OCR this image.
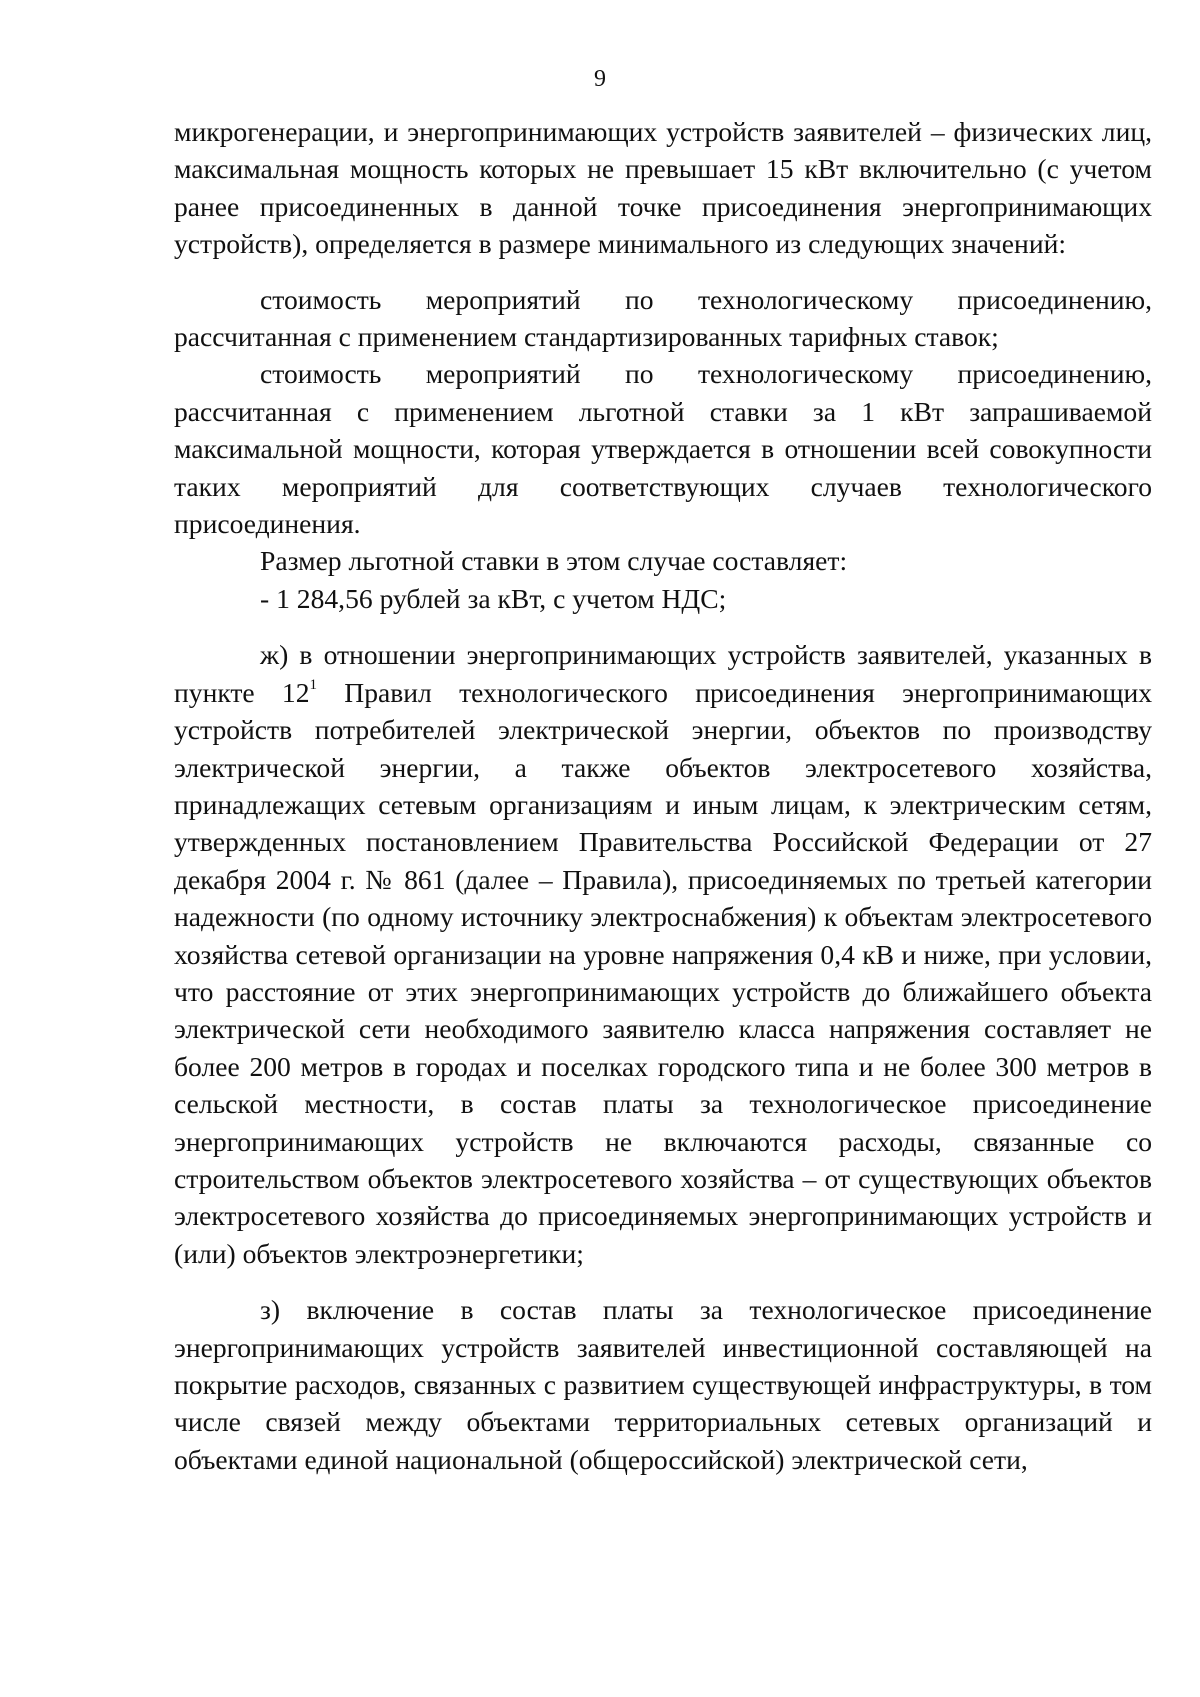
9

микрогенерации, и энергопринимающих устройств заявителей – физических лиц, максимальная мощность которых не превышает 15 кВт включительно (с учетом ранее присоединенных в данной точке присоединения энергопринимающих устройств), определяется в размере минимального из следующих значений:

стоимость мероприятий по технологическому присоединению, рассчитанная с применением стандартизированных тарифных ставок;

стоимость мероприятий по технологическому присоединению, рассчитанная с применением льготной ставки за 1 кВт запрашиваемой максимальной мощности, которая утверждается в отношении всей совокупности таких мероприятий для соответствующих случаев технологического присоединения.

Размер льготной ставки в этом случае составляет:

- 1 284,56 рублей за кВт, с учетом НДС;

ж) в отношении энергопринимающих устройств заявителей, указанных в пункте $12^1$ Правил технологического присоединения энергопринимающих устройств потребителей электрической энергии, объектов по производству электрической энергии, а также объектов электросетевого хозяйства, принадлежащих сетевым организациям и иным лицам, к электрическим сетям, утвержденных постановлением Правительства Российской Федерации от 27 декабря 2004 г. № 861 (далее – Правила), присоединяемых по третьей категории надежности (по одному источнику электроснабжения) к объектам электросетевого хозяйства сетевой организации на уровне напряжения 0,4 кВ и ниже, при условии, что расстояние от этих энергопринимающих устройств до ближайшего объекта электрической сети необходимого заявителю класса напряжения составляет не более 200 метров в городах и поселках городского типа и не более 300 метров в сельской местности, в состав платы за технологическое присоединение энергопринимающих устройств не включаются расходы, связанные со строительством объектов электросетевого хозяйства – от существующих объектов электросетевого хозяйства до присоединяемых энергопринимающих устройств и (или) объектов электроэнергетики;

з) включение в состав платы за технологическое присоединение энергопринимающих устройств заявителей инвестиционной составляющей на покрытие расходов, связанных с развитием существующей инфраструктуры, в том числе связей между объектами территориальных сетевых организаций и объектами единой национальной (общероссийской) электрической сети,
